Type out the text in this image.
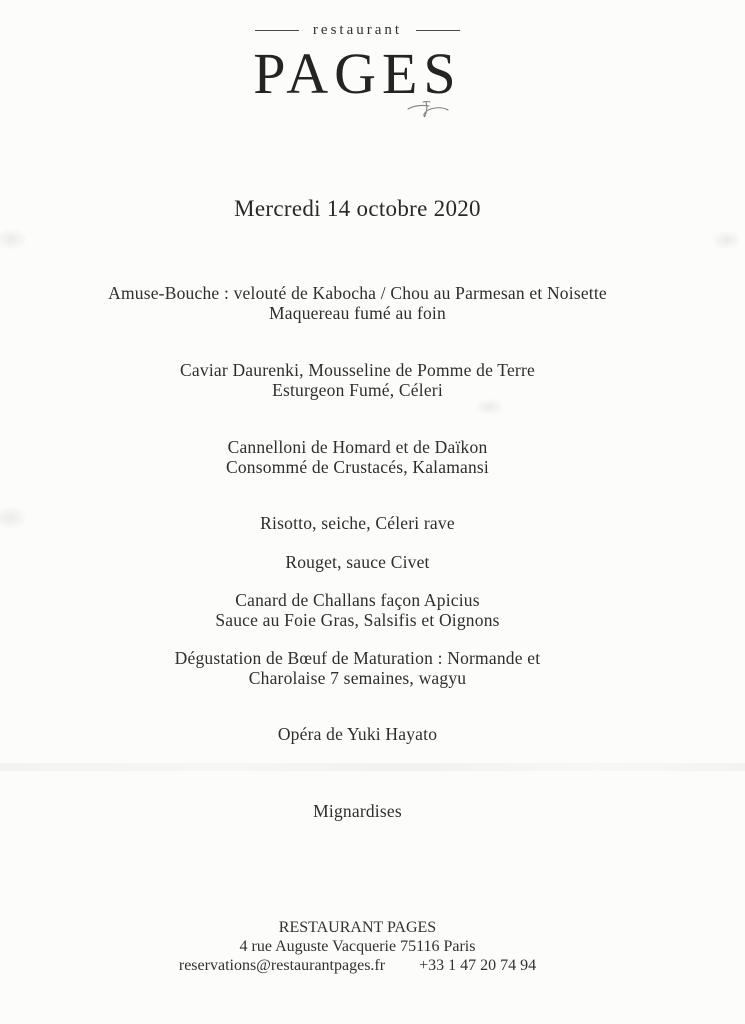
restaurant
PAGES
Mercredi 14 octobre 2020
Amuse-Bouche : velouté de Kabocha / Chou au Parmesan et Noisette
Maquereau fumé au foin
Caviar Daurenki, Mousseline de Pomme de Terre
Esturgeon Fumé, Céleri
Cannelloni de Homard et de Daïkon
Consommé de Crustacés, Kalamansi
Risotto, seiche, Céleri rave
Rouget, sauce Civet
Canard de Challans façon Apicius
Sauce au Foie Gras, Salsifis et Oignons
Dégustation de Bœuf de Maturation : Normande et
Charolaise 7 semaines, wagyu
Opéra de Yuki Hayato
Mignardises
RESTAURANT PAGES
4 rue Auguste Vacquerie 75116 Paris
reservations@restaurantpages.fr +33 1 47 20 74 94
